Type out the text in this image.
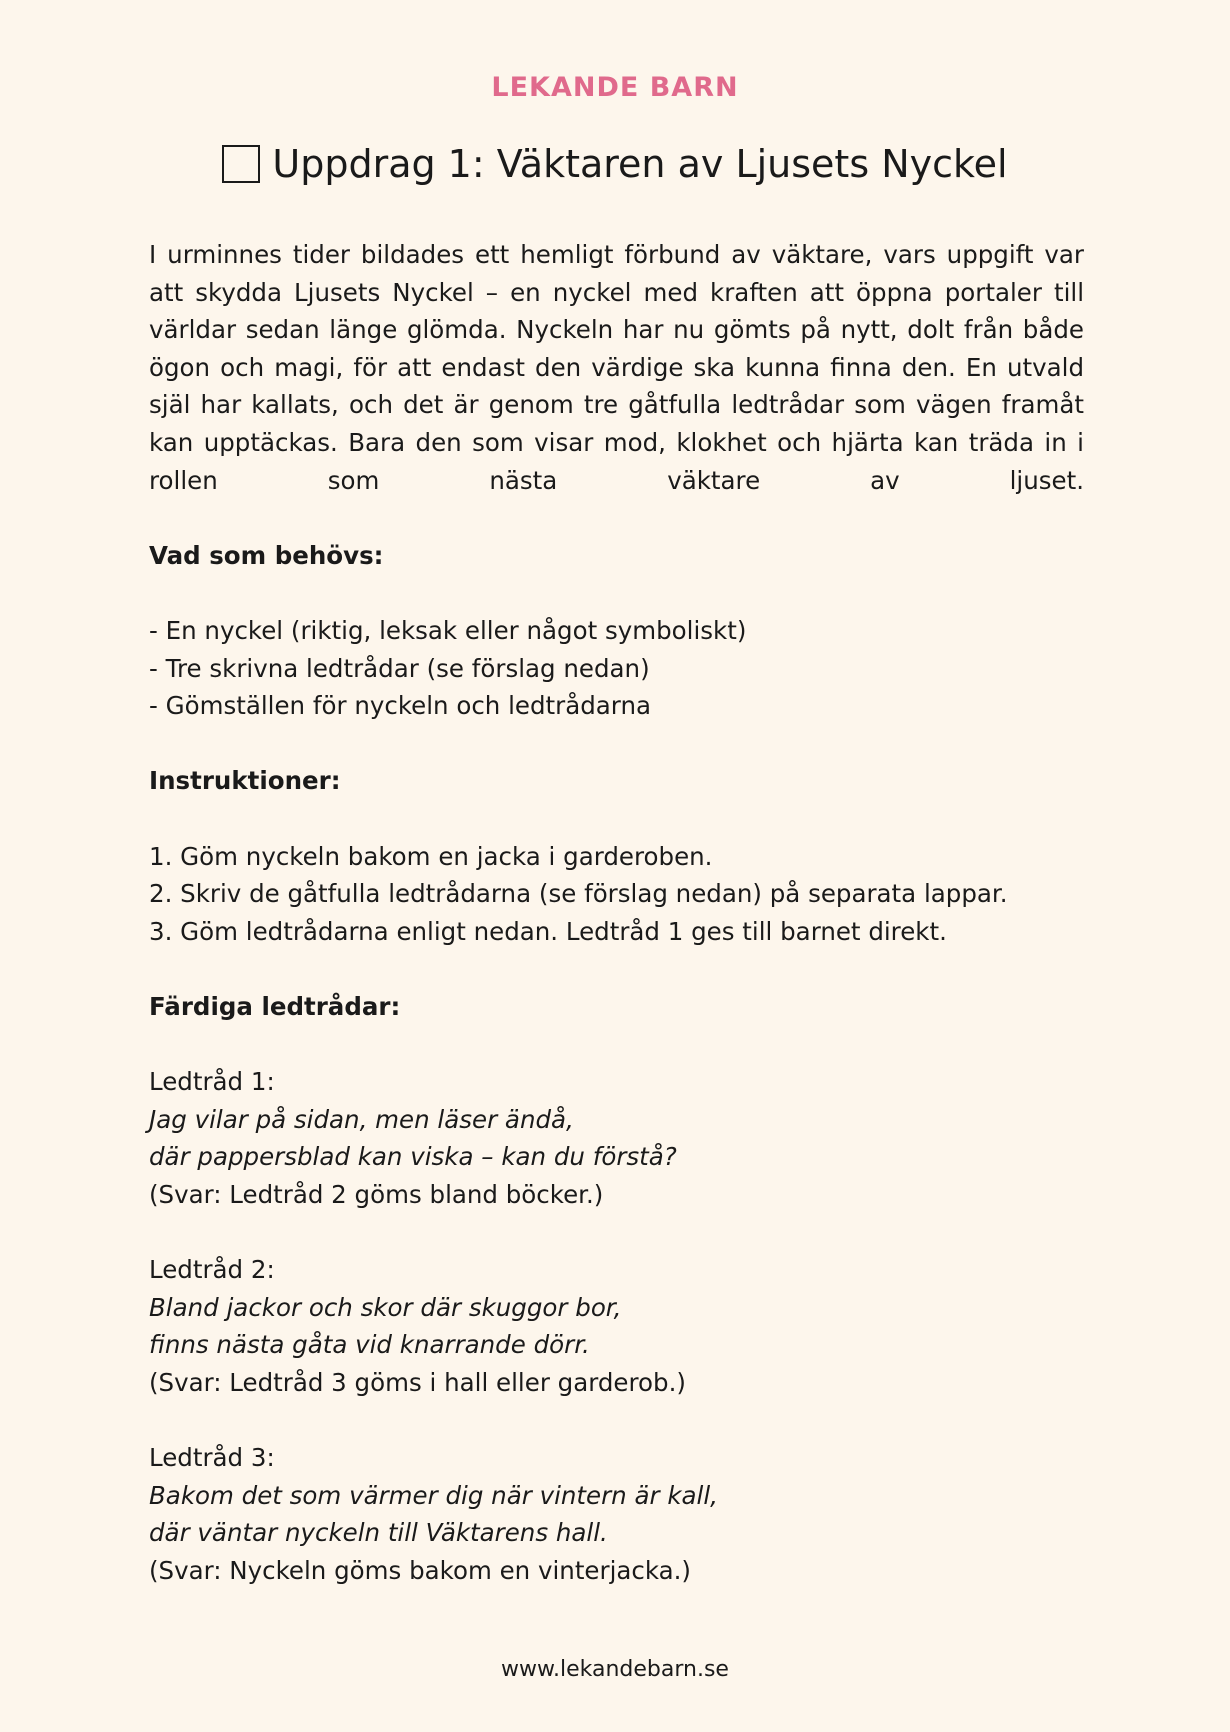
LEKANDE BARN
Uppdrag 1: Väktaren av Ljusets Nyckel

I urminnes tider bildades ett hemligt förbund av väktare, vars uppgift var att skydda Ljusets Nyckel – en nyckel med kraften att öppna portaler till världar sedan länge glömda. Nyckeln har nu gömts på nytt, dolt från både ögon och magi, för att endast den värdige ska kunna finna den. En utvald själ har kallats, och det är genom tre gåtfulla ledtrådar som vägen framåt kan upptäckas. Bara den som visar mod, klokhet och hjärta kan träda in i rollen som nästa väktare av ljuset.

Vad som behövs:
- En nyckel (riktig, leksak eller något symboliskt)
- Tre skrivna ledtrådar (se förslag nedan)
- Gömställen för nyckeln och ledtrådarna
Instruktioner:
1. Göm nyckeln bakom en jacka i garderoben.
2. Skriv de gåtfulla ledtrådarna (se förslag nedan) på separata lappar.
3. Göm ledtrådarna enligt nedan. Ledtråd 1 ges till barnet direkt.
Färdiga ledtrådar:
Ledtråd 1:
Jag vilar på sidan, men läser ändå,
där pappersblad kan viska – kan du förstå?
(Svar: Ledtråd 2 göms bland böcker.)
Ledtråd 2:
Bland jackor och skor där skuggor bor,
finns nästa gåta vid knarrande dörr.
(Svar: Ledtråd 3 göms i hall eller garderob.)
Ledtråd 3:
Bakom det som värmer dig när vintern är kall,
där väntar nyckeln till Väktarens hall.
(Svar: Nyckeln göms bakom en vinterjacka.)
www.lekandebarn.se
